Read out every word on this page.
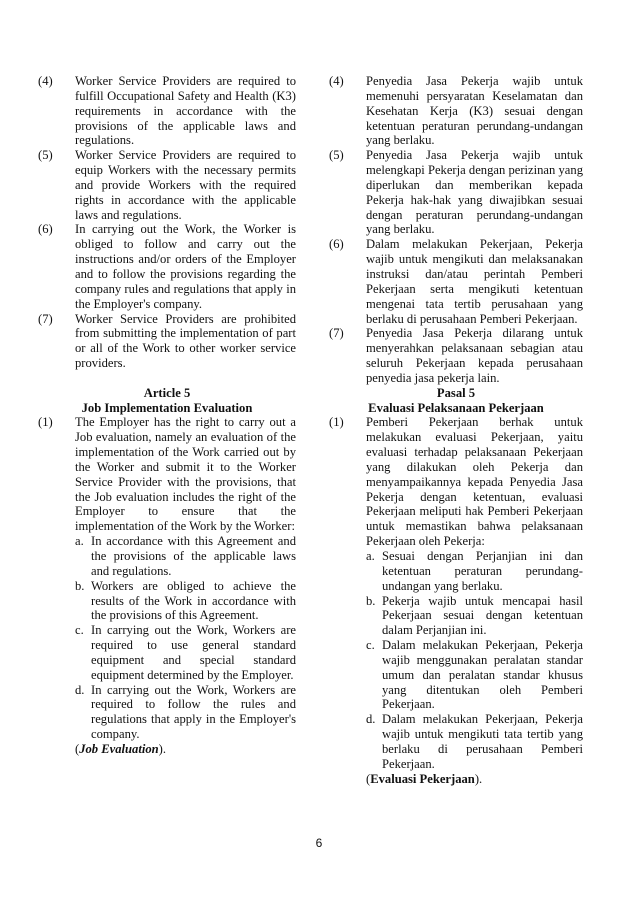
(4)	Worker Service Providers are required to fulfill Occupational Safety and Health (K3) requirements in accordance with the provisions of the applicable laws and regulations.
(5)	Worker Service Providers are required to equip Workers with the necessary permits and provide Workers with the required rights in accordance with the applicable laws and regulations.
(6)	In carrying out the Work, the Worker is obliged to follow and carry out the instructions and/or orders of the Employer and to follow the provisions regarding the company rules and regulations that apply in the Employer's company.
(7)	Worker Service Providers are prohibited from submitting the implementation of part or all of the Work to other worker service providers.
Article 5
Job Implementation Evaluation
(1)	The Employer has the right to carry out a Job evaluation, namely an evaluation of the implementation of the Work carried out by the Worker and submit it to the Worker Service Provider with the provisions, that the Job evaluation includes the right of the Employer to ensure that the implementation of the Work by the Worker:
a. In accordance with this Agreement and the provisions of the applicable laws and regulations.
b. Workers are obliged to achieve the results of the Work in accordance with the provisions of this Agreement.
c. In carrying out the Work, Workers are required to use general standard equipment and special standard equipment determined by the Employer.
d. In carrying out the Work, Workers are required to follow the rules and regulations that apply in the Employer's company.
(Job Evaluation).
(4)	Penyedia Jasa Pekerja wajib untuk memenuhi persyaratan Keselamatan dan Kesehatan Kerja (K3) sesuai dengan ketentuan peraturan perundang-undangan yang berlaku.
(5)	Penyedia Jasa Pekerja wajib untuk melengkapi Pekerja dengan perizinan yang diperlukan dan memberikan kepada Pekerja hak-hak yang diwajibkan sesuai dengan peraturan perundang-undangan yang berlaku.
(6)	Dalam melakukan Pekerjaan, Pekerja wajib untuk mengikuti dan melaksanakan instruksi dan/atau perintah Pemberi Pekerjaan serta mengikuti ketentuan mengenai tata tertib perusahaan yang berlaku di perusahaan Pemberi Pekerjaan.
(7)	Penyedia Jasa Pekerja dilarang untuk menyerahkan pelaksanaan sebagian atau seluruh Pekerjaan kepada perusahaan penyedia jasa pekerja lain.
Pasal 5
Evaluasi Pelaksanaan Pekerjaan
(1)	Pemberi Pekerjaan berhak untuk melakukan evaluasi Pekerjaan, yaitu evaluasi terhadap pelaksanaan Pekerjaan yang dilakukan oleh Pekerja dan menyampaikannya kepada Penyedia Jasa Pekerja dengan ketentuan, evaluasi Pekerjaan meliputi hak Pemberi Pekerjaan untuk memastikan bahwa pelaksanaan Pekerjaan oleh Pekerja:
a. Sesuai dengan Perjanjian ini dan ketentuan peraturan perundang-undangan yang berlaku.
b. Pekerja wajib untuk mencapai hasil Pekerjaan sesuai dengan ketentuan dalam Perjanjian ini.
c. Dalam melakukan Pekerjaan, Pekerja wajib menggunakan peralatan standar umum dan peralatan standar khusus yang ditentukan oleh Pemberi Pekerjaan.
d. Dalam melakukan Pekerjaan, Pekerja wajib untuk mengikuti tata tertib yang berlaku di perusahaan Pemberi Pekerjaan.
(Evaluasi Pekerjaan).
6
